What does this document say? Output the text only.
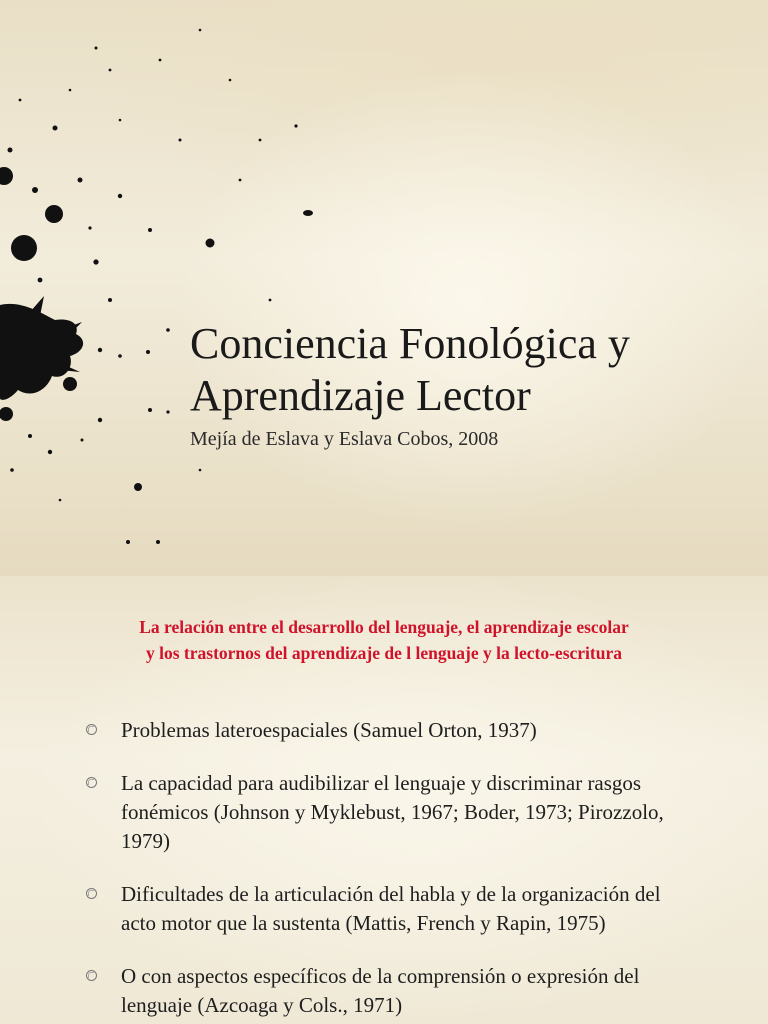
Conciencia Fonológica y
Aprendizaje Lector
Mejía de Eslava y Eslava Cobos, 2008
La relación entre el desarrollo del lenguaje, el aprendizaje escolar
y los trastornos del aprendizaje de l lenguaje y la lecto-escritura
Problemas lateroespaciales (Samuel Orton, 1937)
La capacidad para audibilizar el lenguaje y discriminar rasgos fonémicos (Johnson y Myklebust, 1967; Boder, 1973; Pirozzolo, 1979)
Dificultades de la articulación del habla y de la organización del acto motor que la sustenta (Mattis, French y Rapin, 1975)
O con aspectos específicos de la comprensión o expresión del lenguaje (Azcoaga y Cols., 1971)
